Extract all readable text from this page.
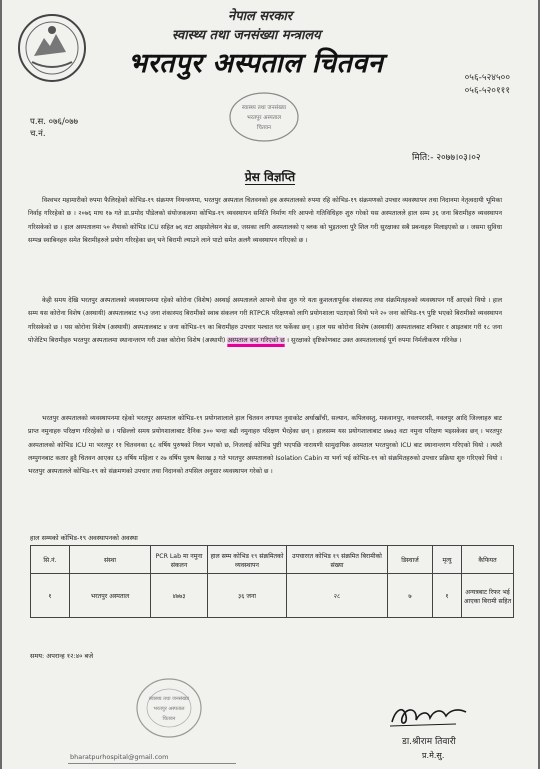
नेपाल सरकार
स्वास्थ्य तथा जनसंख्या मन्त्रालय
भरतपुर अस्पताल चितवन	०५६-५२४५००
०५६-५२०१११
प.स. ०७६/०७७
च.नं.
स्वास्थ्य तथा जनसंख्या
भरतपुर अस्पताल
चितवन
मिति:- २०७७।०३।०२
प्रेस विज्ञप्ति
विश्वभर महामारीको रुपमा फैलिरहेको कोभिड-१९ संक्रमण नियन्त्रणमा, भरतपुर अस्पताल चितवनको हब अस्पतालको रुपमा रहि कोभिड-१९ संक्रमणको उपचार व्यवस्थापन तथा निदानमा नेतृत्वदायी भूमिका निर्वाह गरिरहेको छ । २०७६ माघ १७ गते डा.प्रमोद पौडेलको संयोजकत्वमा कोभिड-१९ व्यवस्थापन समिति निर्माण गरि आफ्नो गतिविधिहरु शुरु गरेको यस अस्पतालले हाल सम्म ३६ जना बिरामीहरु व्यवस्थापन गरिसकेको छ । हाल अस्पतालमा ५० शैयाको कोभिड ICU सहित ७६ वटा आइसोलेसन बेड छ, जसका लागि अस्पतालको ए ब्लक को भुइतल्ला पुरै शिल गरी सुरक्षाका सबै प्रबन्धहरु मिलाइएको छ । जसमा सुविधा सम्पन्न स्वाबिनहरु समेत बिरामीहरुले प्रयोग गरिरहेका छन् भने बिरामी ल्याउने लाने पाटो समेत अलगै व्यवस्थापन गरिएको छ ।
केही समय देखि भरतपुर अस्पतालको व्यवस्थापनमा रहेको कोरोना (विशेष) अस्थाई अस्पतालले आफ्नो सेवा शुरु गरे यता कुशलतापूर्वक शंकास्पद तथा संक्रमितहरुको व्यवस्थापन गर्दै आएको थियो । हाल सम्म यस कोरोना विशेष (अस्थायी) अस्पतालबाट ९५३ जना शंकास्पद बिरामीको स्वाब संकलन गरी RTPCR परिक्षणको लागि प्रयोगशाला पठाएको थियो भने २० जना कोभिड-१९ पुष्टि भएको बिरामीको व्यवस्थापन गरिसकेको छ । यस कोरोना विशेष (अस्थायी) अस्पतालबाट ४ जना कोभिड-१९ का बिरामीहरु उपचार पश्चात घर फर्केका छन् । हाल यस कोरोना विशेष (अस्थायी) अस्पतालबाट शनिबार र आइतबार गरी १८ जना पोजेटिभ बिरामीहरु भरतपुर अस्पतालमा स्थानान्तरण गरी उक्त कोरोना विशेष (अस्थायी) अस्पताल बन्द गरिएको छ । सुरक्षाको दृष्टिकोणबाट उक्त अस्पतालालाई पूर्ण रुपमा निर्मलीकरण गरिनेछ ।
भरतपुर अस्पतालको व्यवस्थापनमा रहेको भरतपुर अस्पताल कोभिड-१९ प्रयोगशालाले हाल चितवन लगायत नुवाकोट अर्घाखाँची, सल्यान, कपिलवस्तु, मकवानपुर, नवलपरासी, नवलपुर आदि जिल्लाहरु बाट प्राप्त नमुनाहरु परिक्षण गरिरहेको छ । पछिल्लो समय प्रयोगशालाबाट दैनिक ३०० भन्दा बढी नमुनाहरु परिक्षण भैरहेका छन् । हालसम्म यस प्रयोगशालाबाट ४७७३ वटा नमुना परिक्षण भइसकेका छन् । भरतपुर अस्पतालको कोभिड ICU मा भरतपुर ११ चितवनका ६८ वर्षिय पुरुषको निधन भएको छ, निजलाई कोभिड पुष्टी भएपछि नारायणी सामुदायिक अस्पताल भरतपुरको ICU बाट स्थानान्तरण गरिएको थियो । त्यस्तै लम्पुगनबाट कतार हुदै चितवन आएका ६३ वर्षिय महिला र २७ वर्षिय पुरुष बैशाख ३ गते भरतपुर अस्पतालको Isolation Cabin मा भर्ना भई कोभिड-१९ को संक्रमितहरुको उपचार प्रक्रिया शुरु गरिएको थियो । भरतपुर अस्पतालले कोभिड-१९ को संक्रमणको उपचार तथा निदानको तपसिल अनुसार व्यवस्थापन गरेको छ ।
हाल सम्मको कोभिड-१९ अवस्थापनको अवस्था
सि.नं.	संस्था	PCR Lab मा नमुना संकलन	हाल सम्म कोभिड १९ संक्रमितको व्यवस्थापन	उपचाररत कोभिड १९ संक्रमित बिरामीको संख्या	डिस्चार्ज	मृत्यु	कैफियत
१	भरतपुर अस्पताल	४७७३	३६ जना	२८	७	१	अन्यत्रबाट रिफर भई आएका बिरामी सहित
समय: अपरान्ह १२:४० बजे
स्वास्थ्य तथा जनसंख्या
भरतपुर अस्पताल
चितवन
डा.श्रीराम तिवारी
प्र.मे.सु.
bharatpurhospital@gmail.com
